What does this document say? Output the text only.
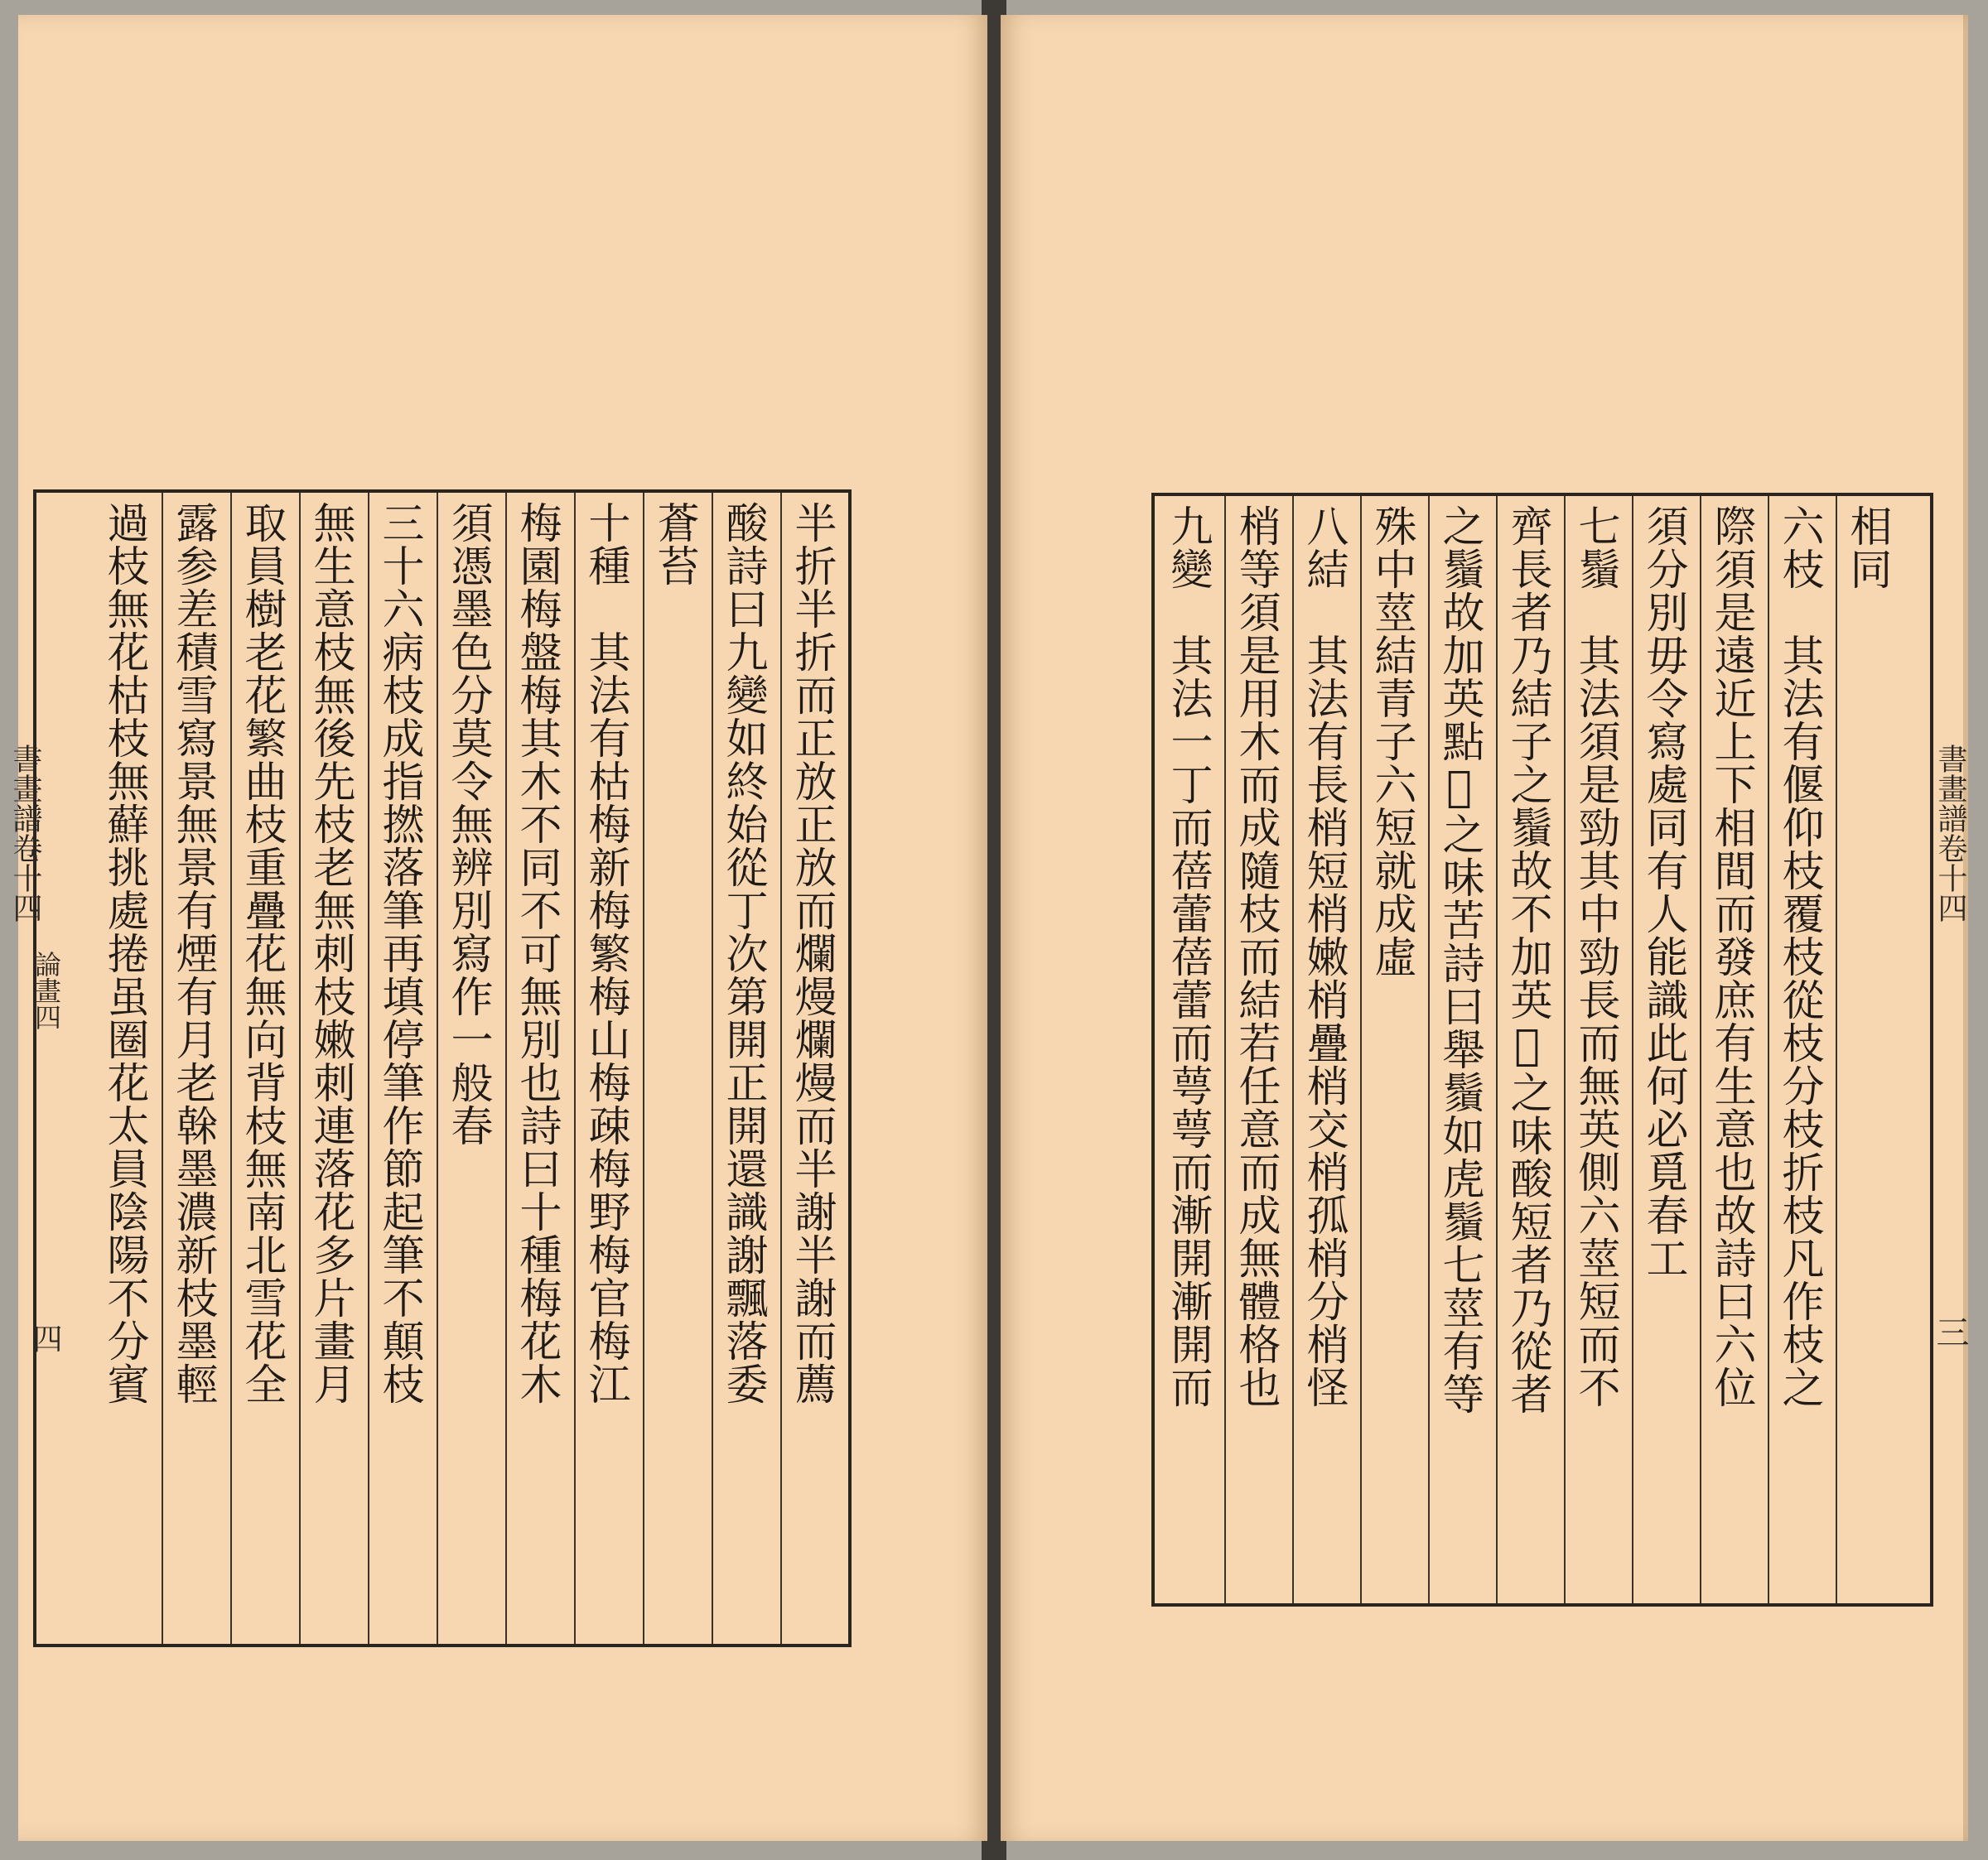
半折半折而正放正放而爛熳爛熳而半謝半謝而薦
酸詩曰九變如終始從丁次第開正開還識謝飄落委
蒼苔
十種　其法有枯梅新梅繁梅山梅疎梅野梅官梅江
梅園梅盤梅其木不同不可無別也詩曰十種梅花木
須憑墨色分莫令無辨別寫作一般春
三十六病枝成指撚落筆再填停筆作節起筆不顛枝
無生意枝無後先枝老無刺枝嫩刺連落花多片畫月
取員樹老花繁曲枝重疊花無向背枝無南北雪花全
露参差積雪寫景無景有煙有月老榦墨濃新枝墨輕
過枝無花枯枝無蘚挑處捲虽圈花太員陰陽不分賓
書畫譜卷十四
論畫四
四
相同
六枝　其法有偃仰枝覆枝從枝分枝折枝凡作枝之
際須是遠近上下相間而發庶有生意也故詩曰六位
須分別毋令寫處同有人能識此何必覓春工
七鬚　其法須是勁其中勁長而無英側六莖短而不
齊長者乃結子之鬚故不加英𭅗之味酸短者乃從者
之鬚故加英點𭅗之味苦詩曰舉鬚如虎鬚七莖有等
殊中莖結青子六短就成虛
八結　其法有長梢短梢嫩梢疊梢交梢孤梢分梢怪
梢等須是用木而成隨枝而結若任意而成無體格也
九變　其法一丁而蓓蕾蓓蕾而萼萼而漸開漸開而	書畫譜卷十四
三
